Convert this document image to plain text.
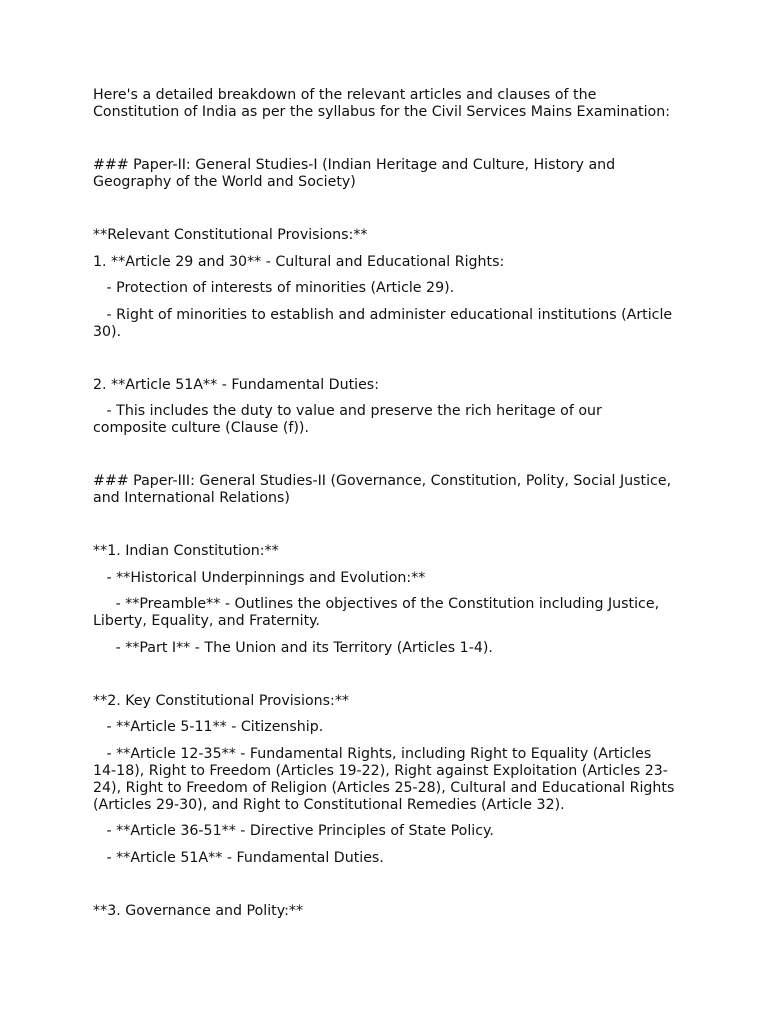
Here's a detailed breakdown of the relevant articles and clauses of the Constitution of India as per the syllabus for the Civil Services Mains Examination:

### Paper-II: General Studies-I (Indian Heritage and Culture, History and Geography of the World and Society)

**Relevant Constitutional Provisions:**

1. **Article 29 and 30** - Cultural and Educational Rights:

- Protection of interests of minorities (Article 29).

- Right of minorities to establish and administer educational institutions (Article 30).

2. **Article 51A** - Fundamental Duties:

- This includes the duty to value and preserve the rich heritage of our composite culture (Clause (f)).

### Paper-III: General Studies-II (Governance, Constitution, Polity, Social Justice, and International Relations)

**1. Indian Constitution:**

- **Historical Underpinnings and Evolution:**

- **Preamble** - Outlines the objectives of the Constitution including Justice, Liberty, Equality, and Fraternity.

- **Part I** - The Union and its Territory (Articles 1-4).

**2. Key Constitutional Provisions:**

- **Article 5-11** - Citizenship.

- **Article 12-35** - Fundamental Rights, including Right to Equality (Articles 14-18), Right to Freedom (Articles 19-22), Right against Exploitation (Articles 23-24), Right to Freedom of Religion (Articles 25-28), Cultural and Educational Rights (Articles 29-30), and Right to Constitutional Remedies (Article 32).

- **Article 36-51** - Directive Principles of State Policy.

- **Article 51A** - Fundamental Duties.

**3. Governance and Polity:**
